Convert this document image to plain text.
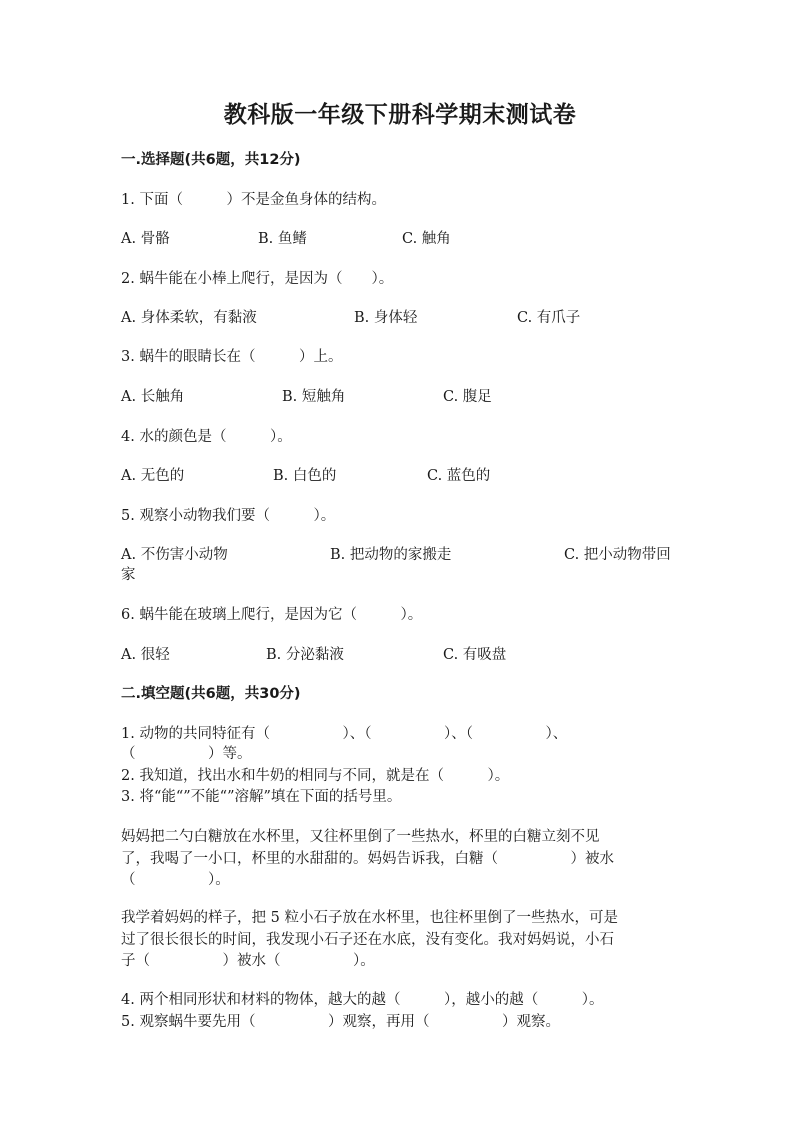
教科版一年级下册科学期末测试卷
一.选择题(共6题，共12分)
1. 下面（　　　）不是金鱼身体的结构。
A. 骨骼	B. 鱼鳍	C. 触角
2. 蜗牛能在小棒上爬行，是因为（　　）。
A. 身体柔软，有黏液	B. 身体轻	C. 有爪子
3. 蜗牛的眼睛长在（　　　）上。
A. 长触角	B. 短触角	C. 腹足
4. 水的颜色是（　　　）。
A. 无色的	B. 白色的	C. 蓝色的
5. 观察小动物我们要（　　　）。
A. 不伤害小动物	B. 把动物的家搬走	C. 把小动物带回
家
6. 蜗牛能在玻璃上爬行，是因为它（　　　）。
A. 很轻	B. 分泌黏液	C. 有吸盘
二.填空题(共6题，共30分)
1. 动物的共同特征有（　　　　　）、（　　　　　）、（　　　　　）、
（　　　　　）等。
2. 我知道，找出水和牛奶的相同与不同，就是在（　　　）。
3. 将“能“”不能“”溶解”填在下面的括号里。
妈妈把二勺白糖放在水杯里，又往杯里倒了一些热水，杯里的白糖立刻不见
了，我喝了一小口，杯里的水甜甜的。妈妈告诉我，白糖（　　　　　）被水
（　　　　　）。
我学着妈妈的样子，把 5 粒小石子放在水杯里，也往杯里倒了一些热水，可是
过了很长很长的时间，我发现小石子还在水底，没有变化。我对妈妈说，小石
子（　　　　　）被水（　　　　　）。
4. 两个相同形状和材料的物体，越大的越（　　　），越小的越（　　　）。
5. 观察蜗牛要先用（　　　　　）观察，再用（　　　　　）观察。
